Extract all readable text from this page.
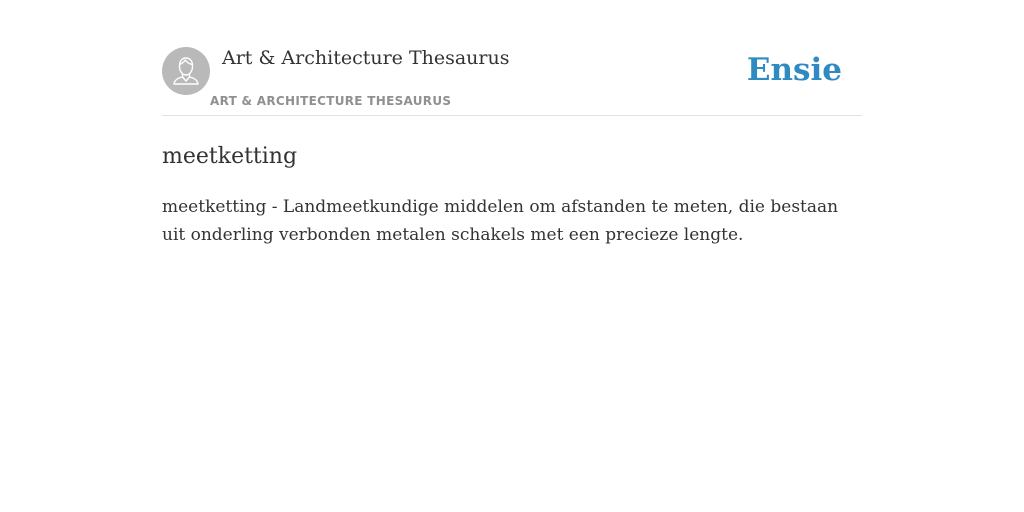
Art & Architecture Thesaurus
ART & ARCHITECTURE THESAURUS
Ensie
meetketting

meetketting - Landmeetkundige middelen om afstanden te meten, die bestaan uit onderling verbonden metalen schakels met een precieze lengte.
